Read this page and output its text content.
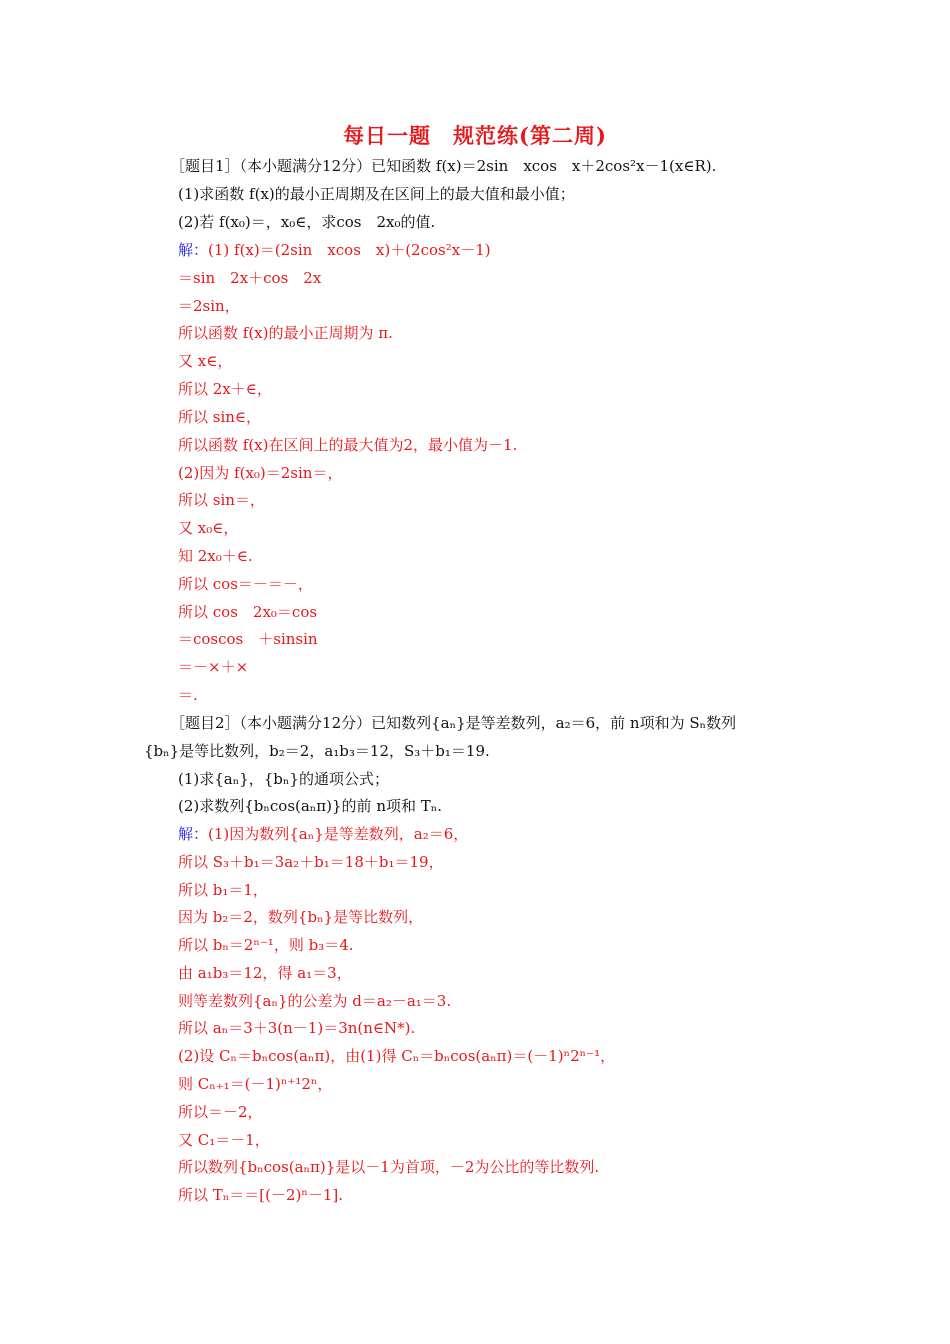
每日一题　规范练(第二周)
［题目1］（本小题满分12分）已知函数 f(x)＝2sin　xcos　x＋2cos²x－1(x∈R).
(1)求函数 f(x)的最小正周期及在区间上的最大值和最小值；
(2)若 f(x₀)＝，x₀∈，求cos　2x₀的值.
解：(1) f(x)＝(2sin　xcos　x)＋(2cos²x－1)
＝sin　2x＋cos　2x
＝2sin，
所以函数 f(x)的最小正周期为 π.
又 x∈，
所以 2x＋∈，
所以 sin∈，
所以函数 f(x)在区间上的最大值为2，最小值为－1.
(2)因为 f(x₀)＝2sin＝，
所以 sin＝，
又 x₀∈，
知 2x₀＋∈.
所以 cos＝－＝－，
所以 cos　2x₀＝cos
＝coscos　＋sinsin
＝－×＋×
＝.
［题目2］（本小题满分12分）已知数列{aₙ}是等差数列，a₂＝6，前 n项和为 Sₙ数列
{bₙ}是等比数列，b₂＝2，a₁b₃＝12，S₃＋b₁＝19.
(1)求{aₙ}，{bₙ}的通项公式；
(2)求数列{bₙcos(aₙπ)}的前 n项和 Tₙ.
解：(1)因为数列{aₙ}是等差数列，a₂＝6，
所以 S₃＋b₁＝3a₂＋b₁＝18＋b₁＝19，
所以 b₁＝1，
因为 b₂＝2，数列{bₙ}是等比数列，
所以 bₙ＝2ⁿ⁻¹，则 b₃＝4.
由 a₁b₃＝12，得 a₁＝3，
则等差数列{aₙ}的公差为 d＝a₂－a₁＝3.
所以 aₙ＝3＋3(n－1)＝3n(n∈N*).
(2)设 Cₙ＝bₙcos(aₙπ)，由(1)得 Cₙ＝bₙcos(aₙπ)＝(－1)ⁿ2ⁿ⁻¹，
则 Cₙ₊₁＝(－1)ⁿ⁺¹2ⁿ，
所以＝－2，
又 C₁＝－1，
所以数列{bₙcos(aₙπ)}是以－1为首项，－2为公比的等比数列.
所以 Tₙ＝＝[(－2)ⁿ－1].
